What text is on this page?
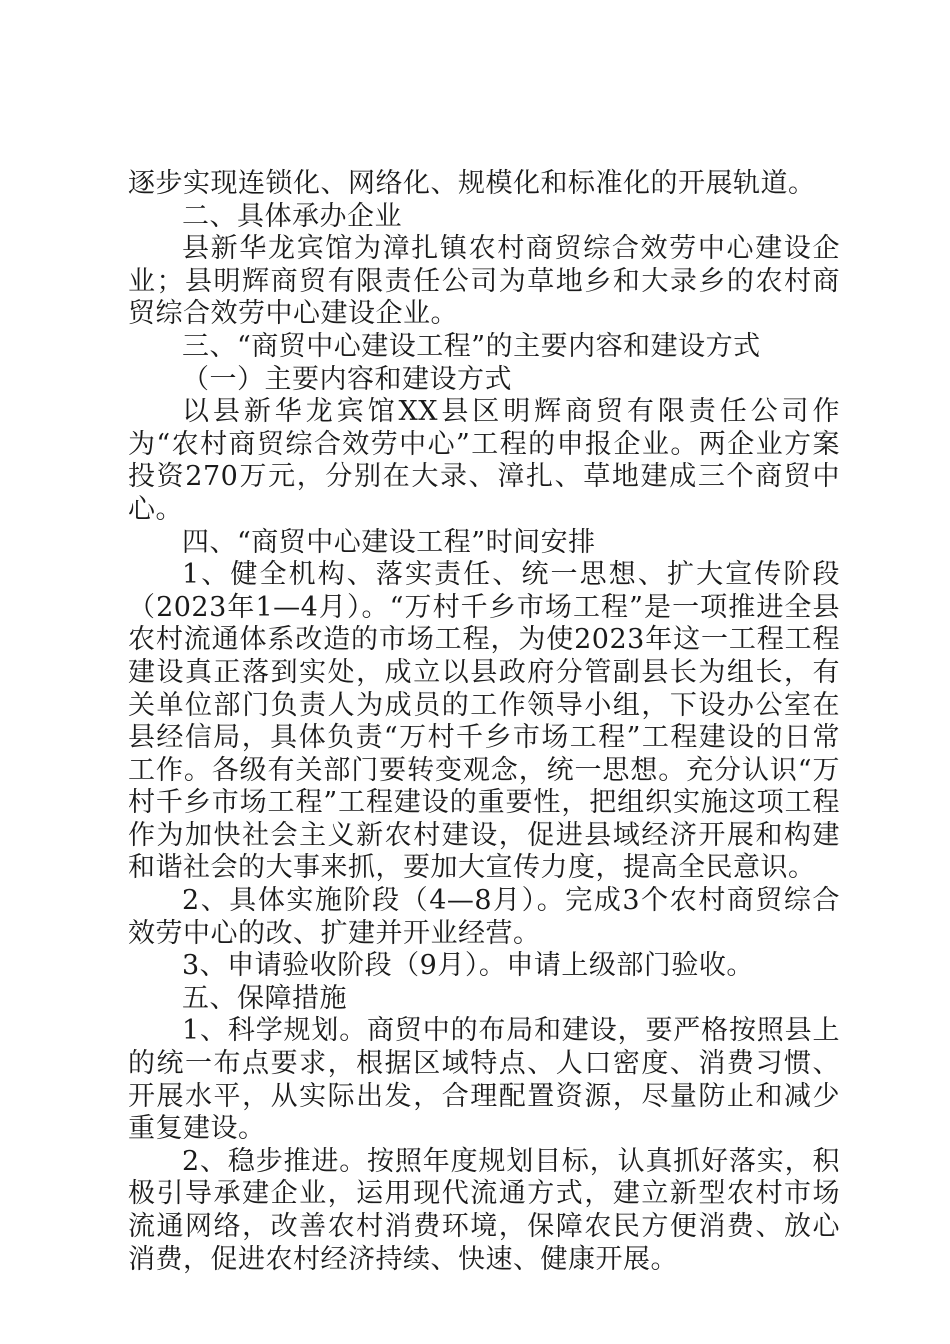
逐步实现连锁化、网络化、规模化和标准化的开展轨道。

二、具体承办企业

县新华龙宾馆为漳扎镇农村商贸综合效劳中心建设企业；县明辉商贸有限责任公司为草地乡和大录乡的农村商贸综合效劳中心建设企业。

三、“商贸中心建设工程”的主要内容和建设方式

（一）主要内容和建设方式

以县新华龙宾馆XX县区明辉商贸有限责任公司作为“农村商贸综合效劳中心”工程的申报企业。两企业方案投资270万元，分别在大录、漳扎、草地建成三个商贸中心。

四、“商贸中心建设工程”时间安排

1、健全机构、落实责任、统一思想、扩大宣传阶段（2023年1—4月）。“万村千乡市场工程”是一项推进全县农村流通体系改造的市场工程，为使2023年这一工程工程建设真正落到实处，成立以县政府分管副县长为组长，有关单位部门负责人为成员的工作领导小组，下设办公室在县经信局，具体负责“万村千乡市场工程”工程建设的日常工作。各级有关部门要转变观念，统一思想。充分认识“万村千乡市场工程”工程建设的重要性，把组织实施这项工程作为加快社会主义新农村建设，促进县域经济开展和构建和谐社会的大事来抓，要加大宣传力度，提高全民意识。

2、具体实施阶段（4—8月）。完成3个农村商贸综合效劳中心的改、扩建并开业经营。

3、申请验收阶段（9月）。申请上级部门验收。

五、保障措施

1、科学规划。商贸中的布局和建设，要严格按照县上的统一布点要求，根据区域特点、人口密度、消费习惯、开展水平，从实际出发，合理配置资源，尽量防止和减少重复建设。

2、稳步推进。按照年度规划目标，认真抓好落实，积极引导承建企业，运用现代流通方式，建立新型农村市场流通网络，改善农村消费环境，保障农民方便消费、放心消费，促进农村经济持续、快速、健康开展。
